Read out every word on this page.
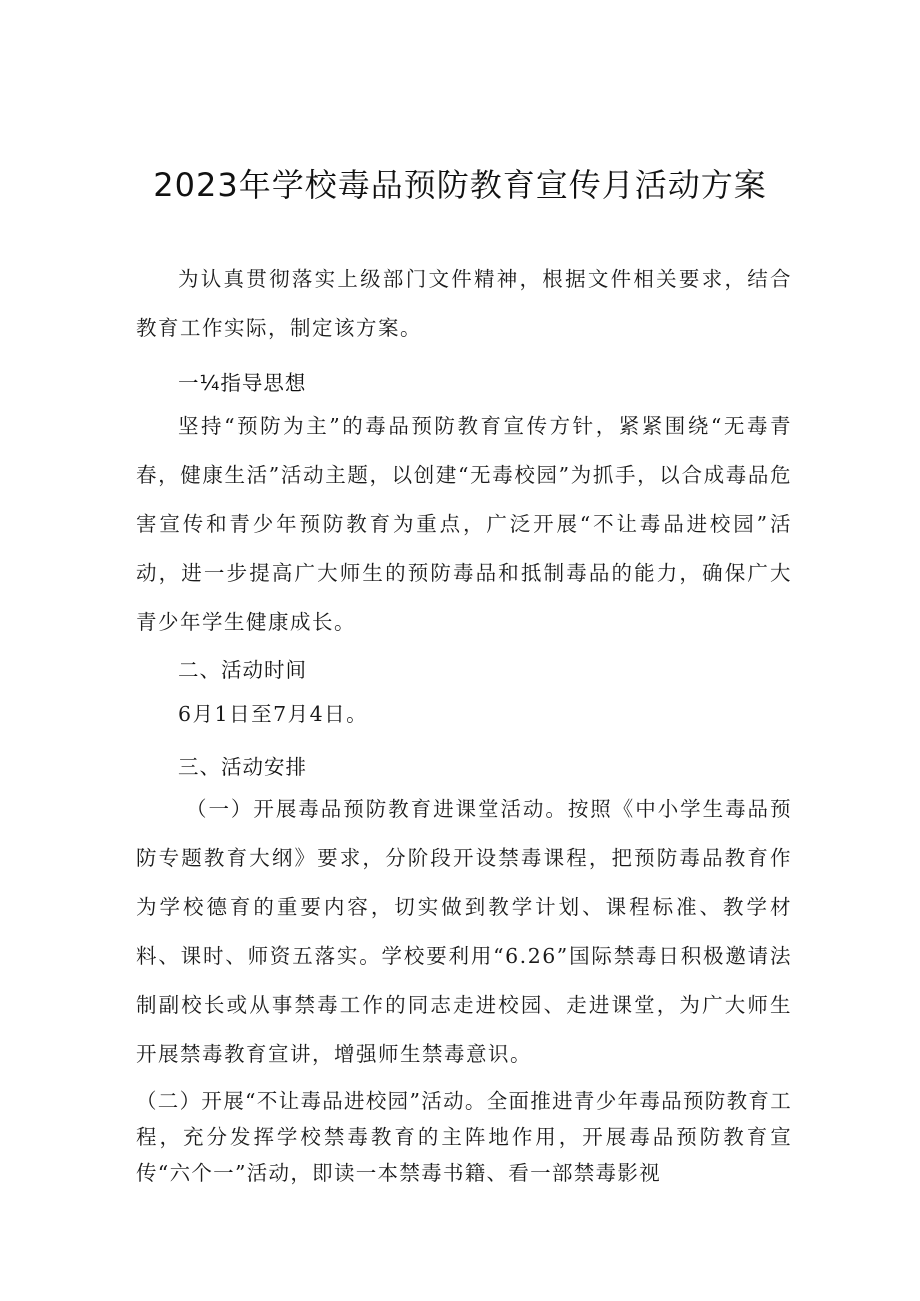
2023年学校毒品预防教育宣传月活动方案

为认真贯彻落实上级部门文件精神，根据文件相关要求，结合教育工作实际，制定该方案。

一¼指导思想

坚持“预防为主”的毒品预防教育宣传方针，紧紧围绕“无毒青春，健康生活”活动主题，以创建“无毒校园”为抓手，以合成毒品危害宣传和青少年预防教育为重点，广泛开展“不让毒品进校园”活动，进一步提高广大师生的预防毒品和抵制毒品的能力，确保广大青少年学生健康成长。

二、活动时间

6月1日至7月4日。

三、活动安排

（一）开展毒品预防教育进课堂活动。按照《中小学生毒品预防专题教育大纲》要求，分阶段开设禁毒课程，把预防毒品教育作为学校德育的重要内容，切实做到教学计划、课程标准、教学材料、课时、师资五落实。学校要利用“6.26”国际禁毒日积极邀请法制副校长或从事禁毒工作的同志走进校园、走进课堂，为广大师生开展禁毒教育宣讲，增强师生禁毒意识。

（二）开展“不让毒品进校园”活动。全面推进青少年毒品预防教育工程，充分发挥学校禁毒教育的主阵地作用，开展毒品预防教育宣传“六个一”活动，即读一本禁毒书籍、看一部禁毒影视
